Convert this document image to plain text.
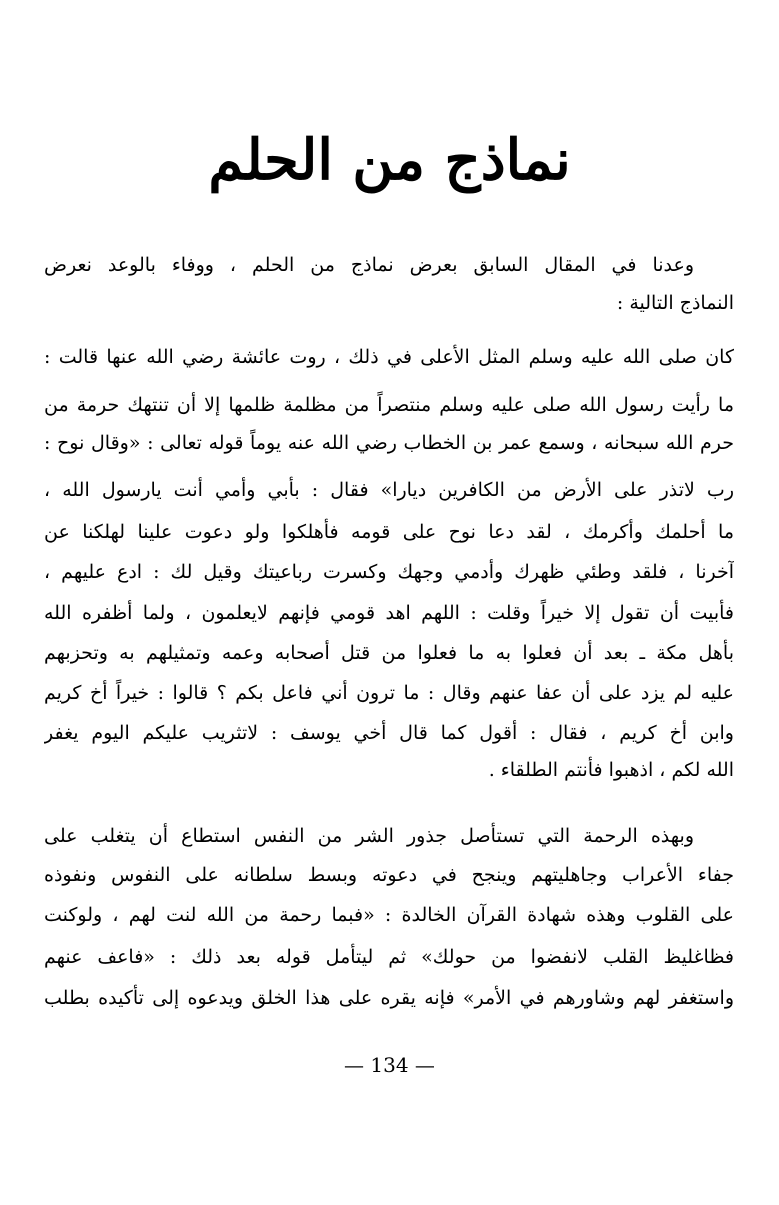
نماذج من الحلم
وعدنا في المقال السابق بعرض نماذج من الحلم ، ووفاء بالوعد نعرض
النماذج التالية :
كان صلى الله عليه وسلم المثل الأعلى في ذلك ، روت عائشة رضي الله عنها قالت :
ما رأيت رسول الله صلى عليه وسلم منتصراً من مظلمة ظلمها إلا أن تنتهك حرمة من
حرم الله سبحانه ، وسمع عمر بن الخطاب رضي الله عنه يوماً قوله تعالى : «وقال نوح :
رب لاتذر على الأرض من الكافرين ديارا» فقال : بأبي وأمي أنت يارسول الله ،
ما أحلمك وأكرمك ، لقد دعا نوح على قومه فأهلكوا ولو دعوت علينا لهلكنا عن
آخرنا ، فلقد وطئي ظهرك وأدمي وجهك وكسرت رباعيتك وقيل لك : ادع عليهم ،
فأبيت أن تقول إلا خيراً وقلت : اللهم اهد قومي فإنهم لايعلمون ، ولما أظفره الله
بأهل مكة ـ بعد أن فعلوا به ما فعلوا من قتل أصحابه وعمه وتمثيلهم به وتحزبهم
عليه لم يزد على أن عفا عنهم وقال : ما ترون أني فاعل بكم ؟ قالوا : خيراً أخ كريم
وابن أخ كريم ، فقال : أقول كما قال أخي يوسف : لاتثريب عليكم اليوم يغفر
الله لكم ، اذهبوا فأنتم الطلقاء .
وبهذه الرحمة التي تستأصل جذور الشر من النفس استطاع أن يتغلب على
جفاء الأعراب وجاهليتهم وينجح في دعوته وبسط سلطانه على النفوس ونفوذه
على القلوب وهذه شهادة القرآن الخالدة : «فبما رحمة من الله لنت لهم ، ولوكنت
فظاغليظ القلب لانفضوا من حولك» ثم ليتأمل قوله بعد ذلك : «فاعف عنهم
واستغفر لهم وشاورهم في الأمر» فإنه يقره على هذا الخلق ويدعوه إلى تأكيده بطلب
— 134 —
